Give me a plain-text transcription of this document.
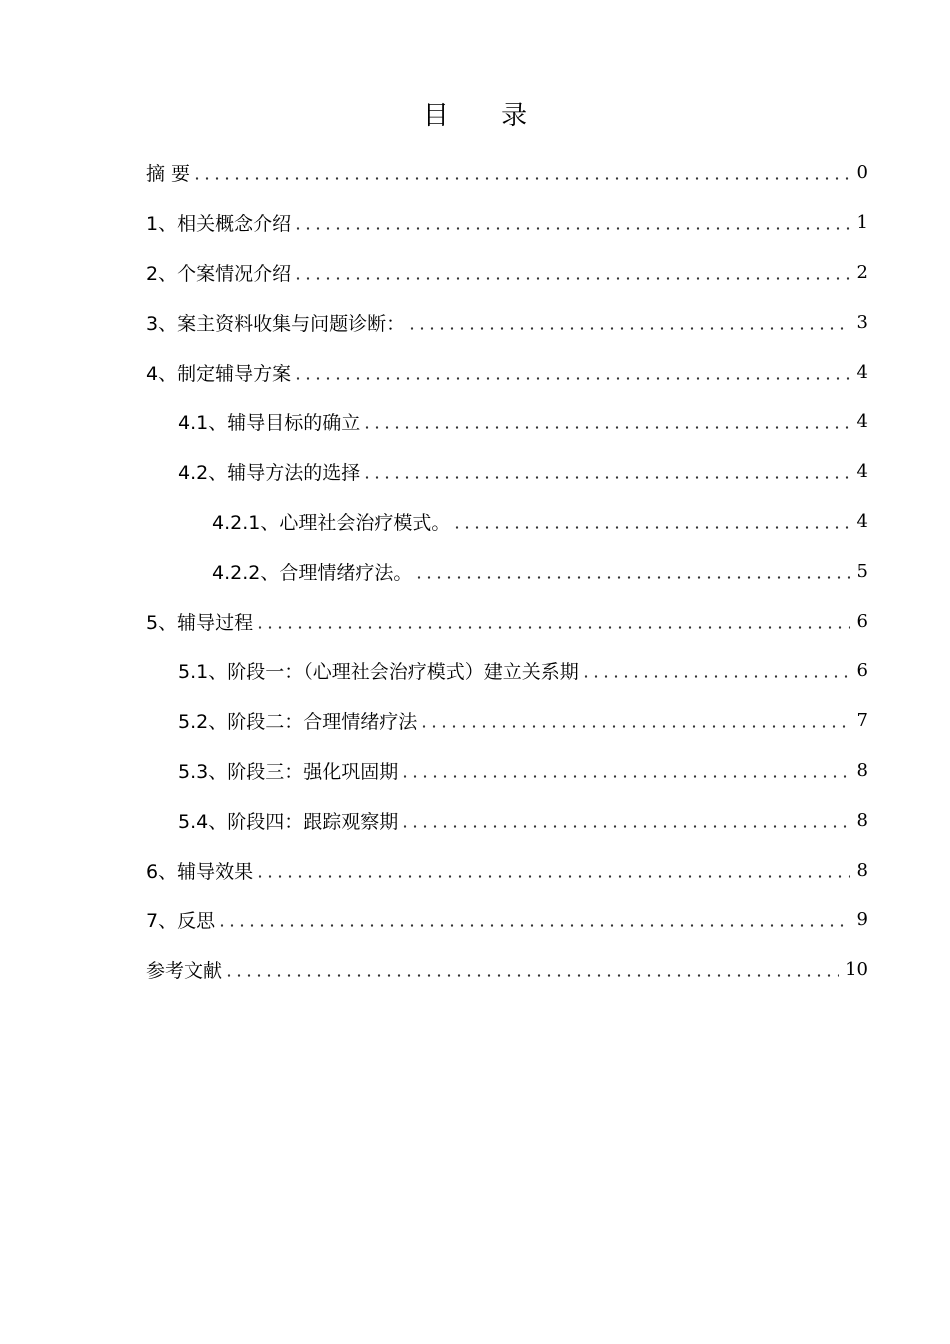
目 录
摘 要	0
1、相关概念介绍	1
2、个案情况介绍	2
3、案主资料收集与问题诊断：	3
4、制定辅导方案	4
4.1、辅导目标的确立	4
4.2、辅导方法的选择	4
4.2.1、心理社会治疗模式。	4
4.2.2、合理情绪疗法。	5
5、辅导过程	6
5.1、阶段一：（心理社会治疗模式）建立关系期	6
5.2、阶段二：合理情绪疗法	7
5.3、阶段三：强化巩固期	8
5.4、阶段四：跟踪观察期	8
6、辅导效果	8
7、反思	9
参考文献	10
